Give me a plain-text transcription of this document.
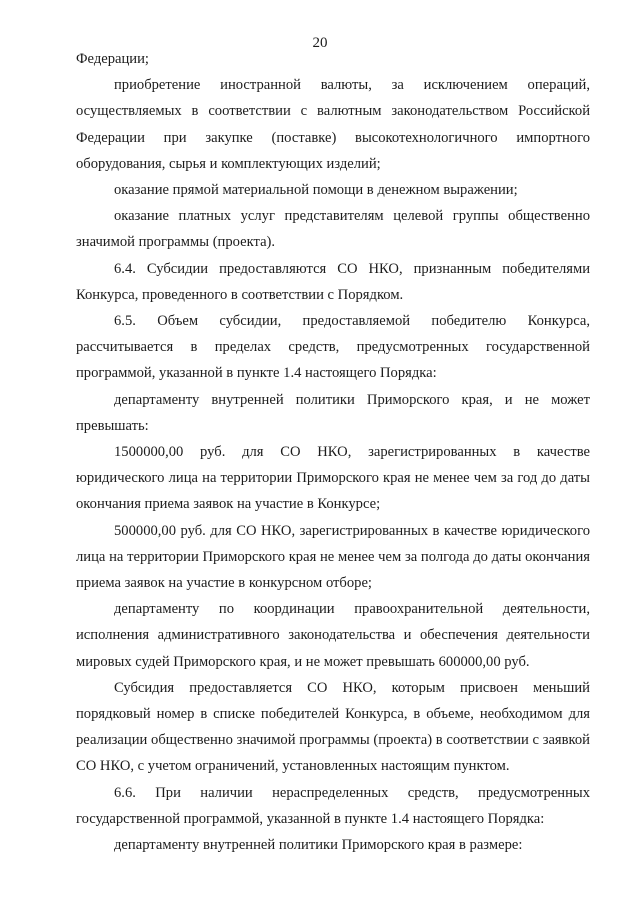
20

Федерации;

приобретение иностранной валюты, за исключением операций, осуществляемых в соответствии с валютным законодательством Российской Федерации при закупке (поставке) высокотехнологичного импортного оборудования, сырья и комплектующих изделий;

оказание прямой материальной помощи в денежном выражении;

оказание платных услуг представителям целевой группы общественно значимой программы (проекта).

6.4. Субсидии предоставляются СО НКО, признанным победителями Конкурса, проведенного в соответствии с Порядком.

6.5. Объем субсидии, предоставляемой победителю Конкурса, рассчитывается в пределах средств, предусмотренных государственной программой, указанной в пункте 1.4 настоящего Порядка:

департаменту внутренней политики Приморского края, и не может превышать:

1500000,00 руб. для СО НКО, зарегистрированных в качестве юридического лица на территории Приморского края не менее чем за год до даты окончания приема заявок на участие в Конкурсе;

500000,00 руб. для СО НКО, зарегистрированных в качестве юридического лица на территории Приморского края не менее чем за полгода до даты окончания приема заявок на участие в конкурсном отборе;

департаменту по координации правоохранительной деятельности, исполнения административного законодательства и обеспечения деятельности мировых судей Приморского края, и не может превышать 600000,00 руб.

Субсидия предоставляется СО НКО, которым присвоен меньший порядковый номер в списке победителей Конкурса, в объеме, необходимом для реализации общественно значимой программы (проекта) в соответствии с заявкой СО НКО, с учетом ограничений, установленных настоящим пунктом.

6.6. При наличии нераспределенных средств, предусмотренных государственной программой, указанной в пункте 1.4 настоящего Порядка:

департаменту внутренней политики Приморского края в размере:
